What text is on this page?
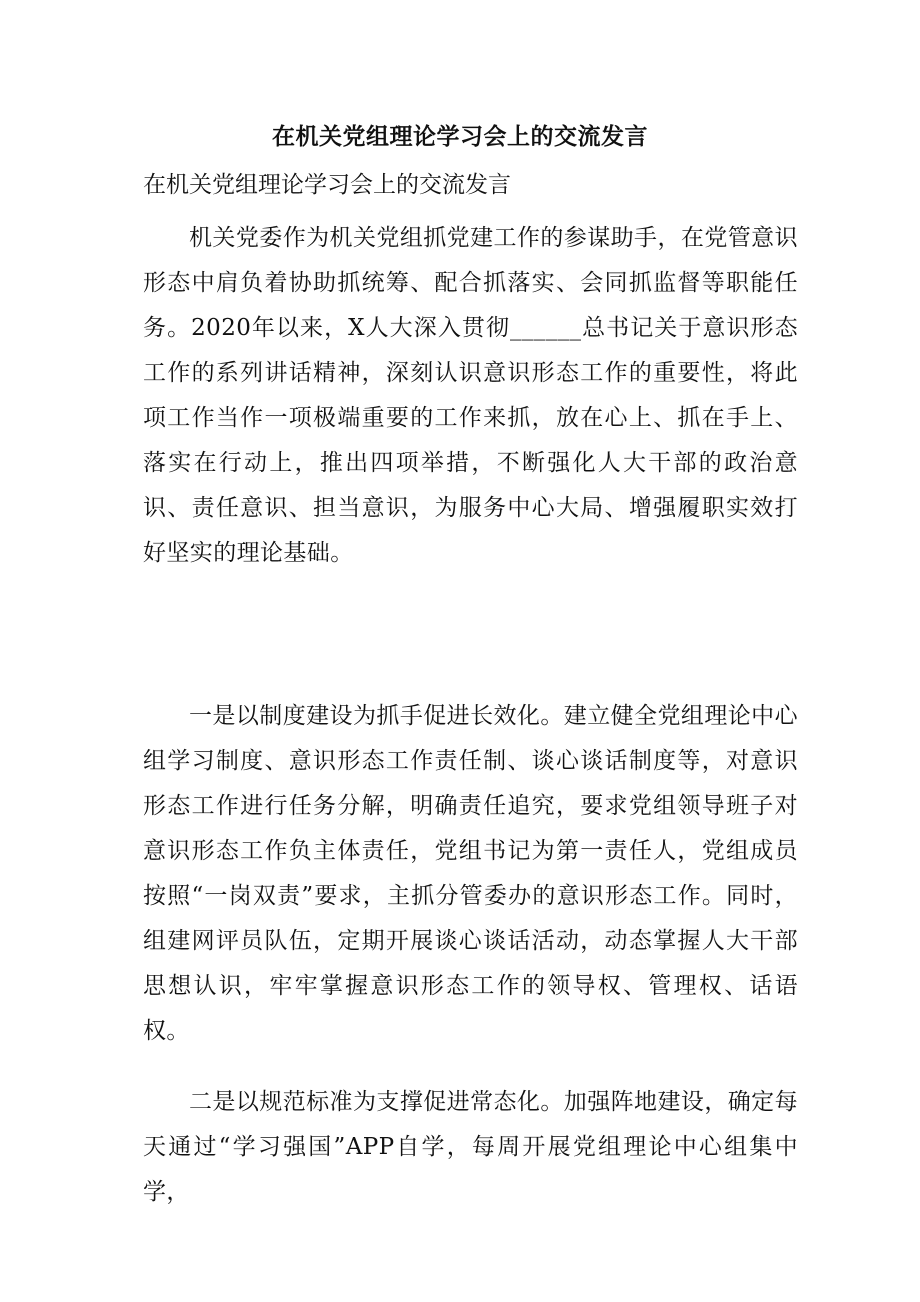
在机关党组理论学习会上的交流发言

在机关党组理论学习会上的交流发言

机关党委作为机关党组抓党建工作的参谋助手，在党管意识形态中肩负着协助抓统筹、配合抓落实、会同抓监督等职能任务。2020年以来，X人大深入贯彻______总书记关于意识形态工作的系列讲话精神，深刻认识意识形态工作的重要性，将此项工作当作一项极端重要的工作来抓，放在心上、抓在手上、落实在行动上，推出四项举措，不断强化人大干部的政治意识、责任意识、担当意识，为服务中心大局、增强履职实效打好坚实的理论基础。

一是以制度建设为抓手促进长效化。建立健全党组理论中心组学习制度、意识形态工作责任制、谈心谈话制度等，对意识形态工作进行任务分解，明确责任追究，要求党组领导班子对意识形态工作负主体责任，党组书记为第一责任人，党组成员按照“一岗双责”要求，主抓分管委办的意识形态工作。同时，组建网评员队伍，定期开展谈心谈话活动，动态掌握人大干部思想认识，牢牢掌握意识形态工作的领导权、管理权、话语权。

二是以规范标准为支撑促进常态化。加强阵地建设，确定每天通过“学习强国”APP自学，每周开展党组理论中心组集中学，
